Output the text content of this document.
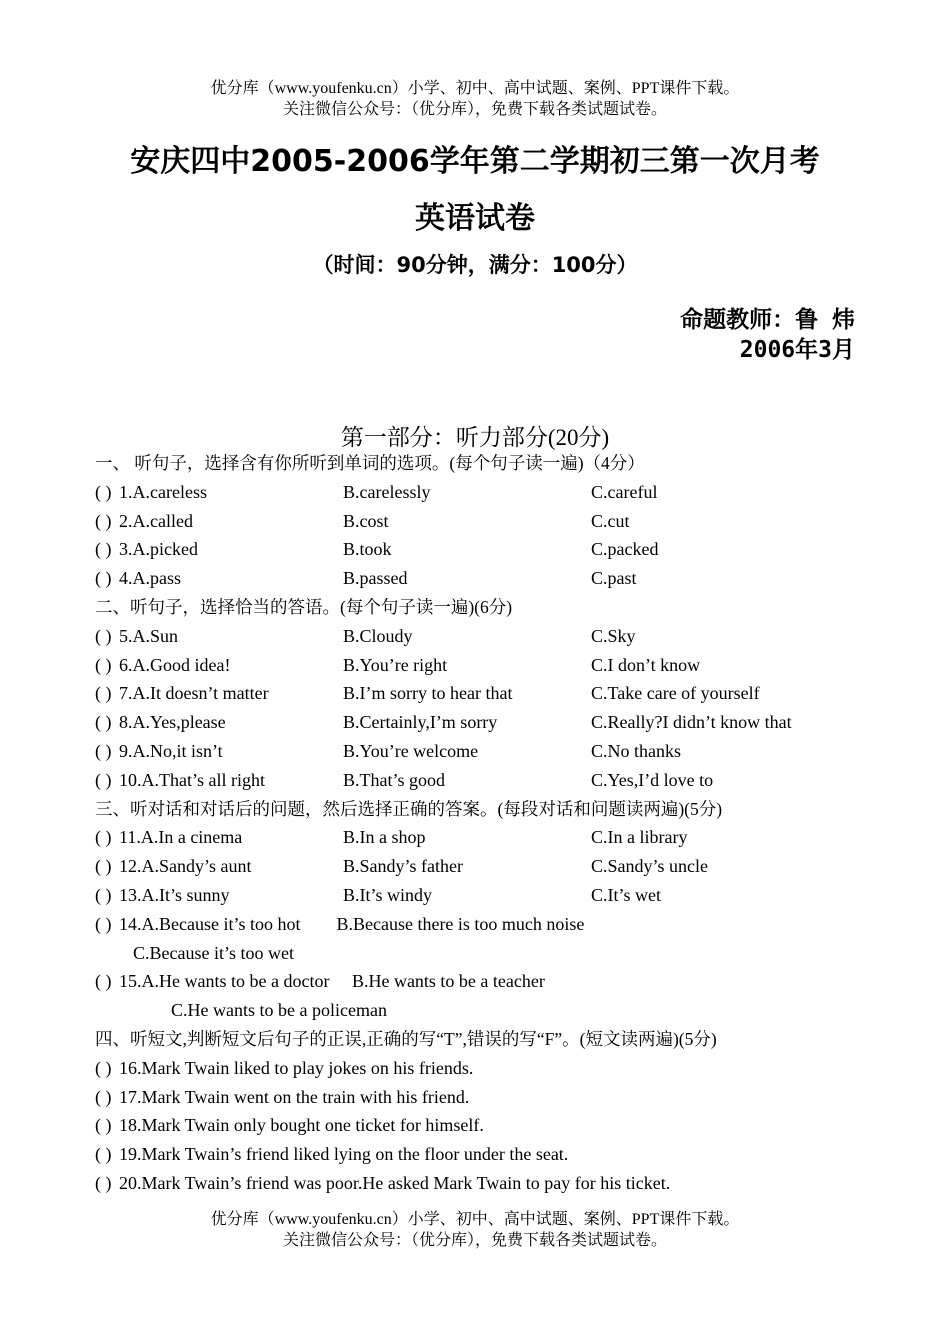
优分库（www.youfenku.cn）小学、初中、高中试题、案例、PPT课件下载。
关注微信公众号：（优分库），免费下载各类试题试卷。
安庆四中2005-2006学年第二学期初三第一次月考
英语试卷
（时间：90分钟，满分：100分）
命题教师：鲁 炜
2006年3月
第一部分：听力部分(20分)
一、 听句子，选择含有你所听到单词的选项。(每个句子读一遍)（4分）
( ) 1.A.careless	B.carelessly	C.careful
( ) 2.A.called	B.cost	C.cut
( ) 3.A.picked	B.took	C.packed
( ) 4.A.pass	B.passed	C.past
二、听句子，选择恰当的答语。(每个句子读一遍)(6分)
( ) 5.A.Sun	B.Cloudy	C.Sky
( ) 6.A.Good idea!	B.You’re right	C.I don’t know
( ) 7.A.It doesn’t matter	B.I’m sorry to hear that	C.Take care of yourself
( ) 8.A.Yes,please	B.Certainly,I’m sorry	C.Really?I didn’t know that
( ) 9.A.No,it isn’t	B.You’re welcome	C.No thanks
( ) 10.A.That’s all right	B.That’s good	C.Yes,I’d love to
三、听对话和对话后的问题，然后选择正确的答案。(每段对话和问题读两遍)(5分)
( ) 11.A.In a cinema	B.In a shop	C.In a library
( ) 12.A.Sandy’s aunt	B.Sandy’s father	C.Sandy’s uncle
( ) 13.A.It’s sunny	B.It’s windy	C.It’s wet
( ) 14.A.Because it’s too hot        B.Because there is too much noise
C.Because it’s too wet
( ) 15.A.He wants to be a doctor     B.He wants to be a teacher
C.He wants to be a policeman
四、听短文,判断短文后句子的正误,正确的写“T”,错误的写“F”。(短文读两遍)(5分)
( ) 16.Mark Twain liked to play jokes on his friends.
( ) 17.Mark Twain went on the train with his friend.
( ) 18.Mark Twain only bought one ticket for himself.
( ) 19.Mark Twain’s friend liked lying on the floor under the seat.
( ) 20.Mark Twain’s friend was poor.He asked Mark Twain to pay for his ticket.
优分库（www.youfenku.cn）小学、初中、高中试题、案例、PPT课件下载。
关注微信公众号：（优分库），免费下载各类试题试卷。
